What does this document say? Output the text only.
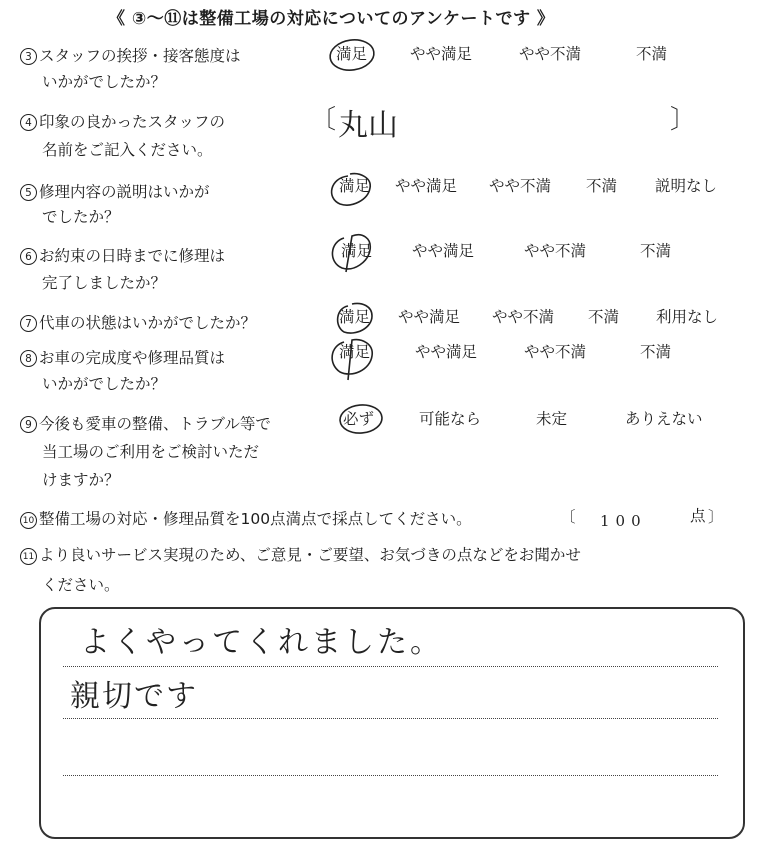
《 ③～⑪は整備工場の対応についてのアンケートです 》
3 スタッフの挨拶・接客態度は
いかがでしたか？
満足	やや満足	やや不満	不満
4 印象の良かったスタッフの
名前をご記入ください。
〔 丸山	〕
5 修理内容の説明はいかが
でしたか？
満足 やや満足 やや不満 不満 説明なし
6 お約束の日時までに修理は
完了しましたか？
満足	やや満足	やや不満	不満
7 代車の状態はいかがでしたか？	満足 やや満足 やや不満 不満 利用なし
8 お車の完成度や修理品質は
いかがでしたか？
満足	やや満足	やや不満	不満
9 今後も愛車の整備、トラブル等で
当工場のご利用をご検討いただ
けますか？
必ず	可能なら	未定	ありえない
10 整備工場の対応・修理品質を100点満点で採点してください。	〔 100	点 〕
11 より良いサービス実現のため、ご意見・ご要望、お気づきの点などをお聞かせ
ください。
よくやってくれました。
親切です
